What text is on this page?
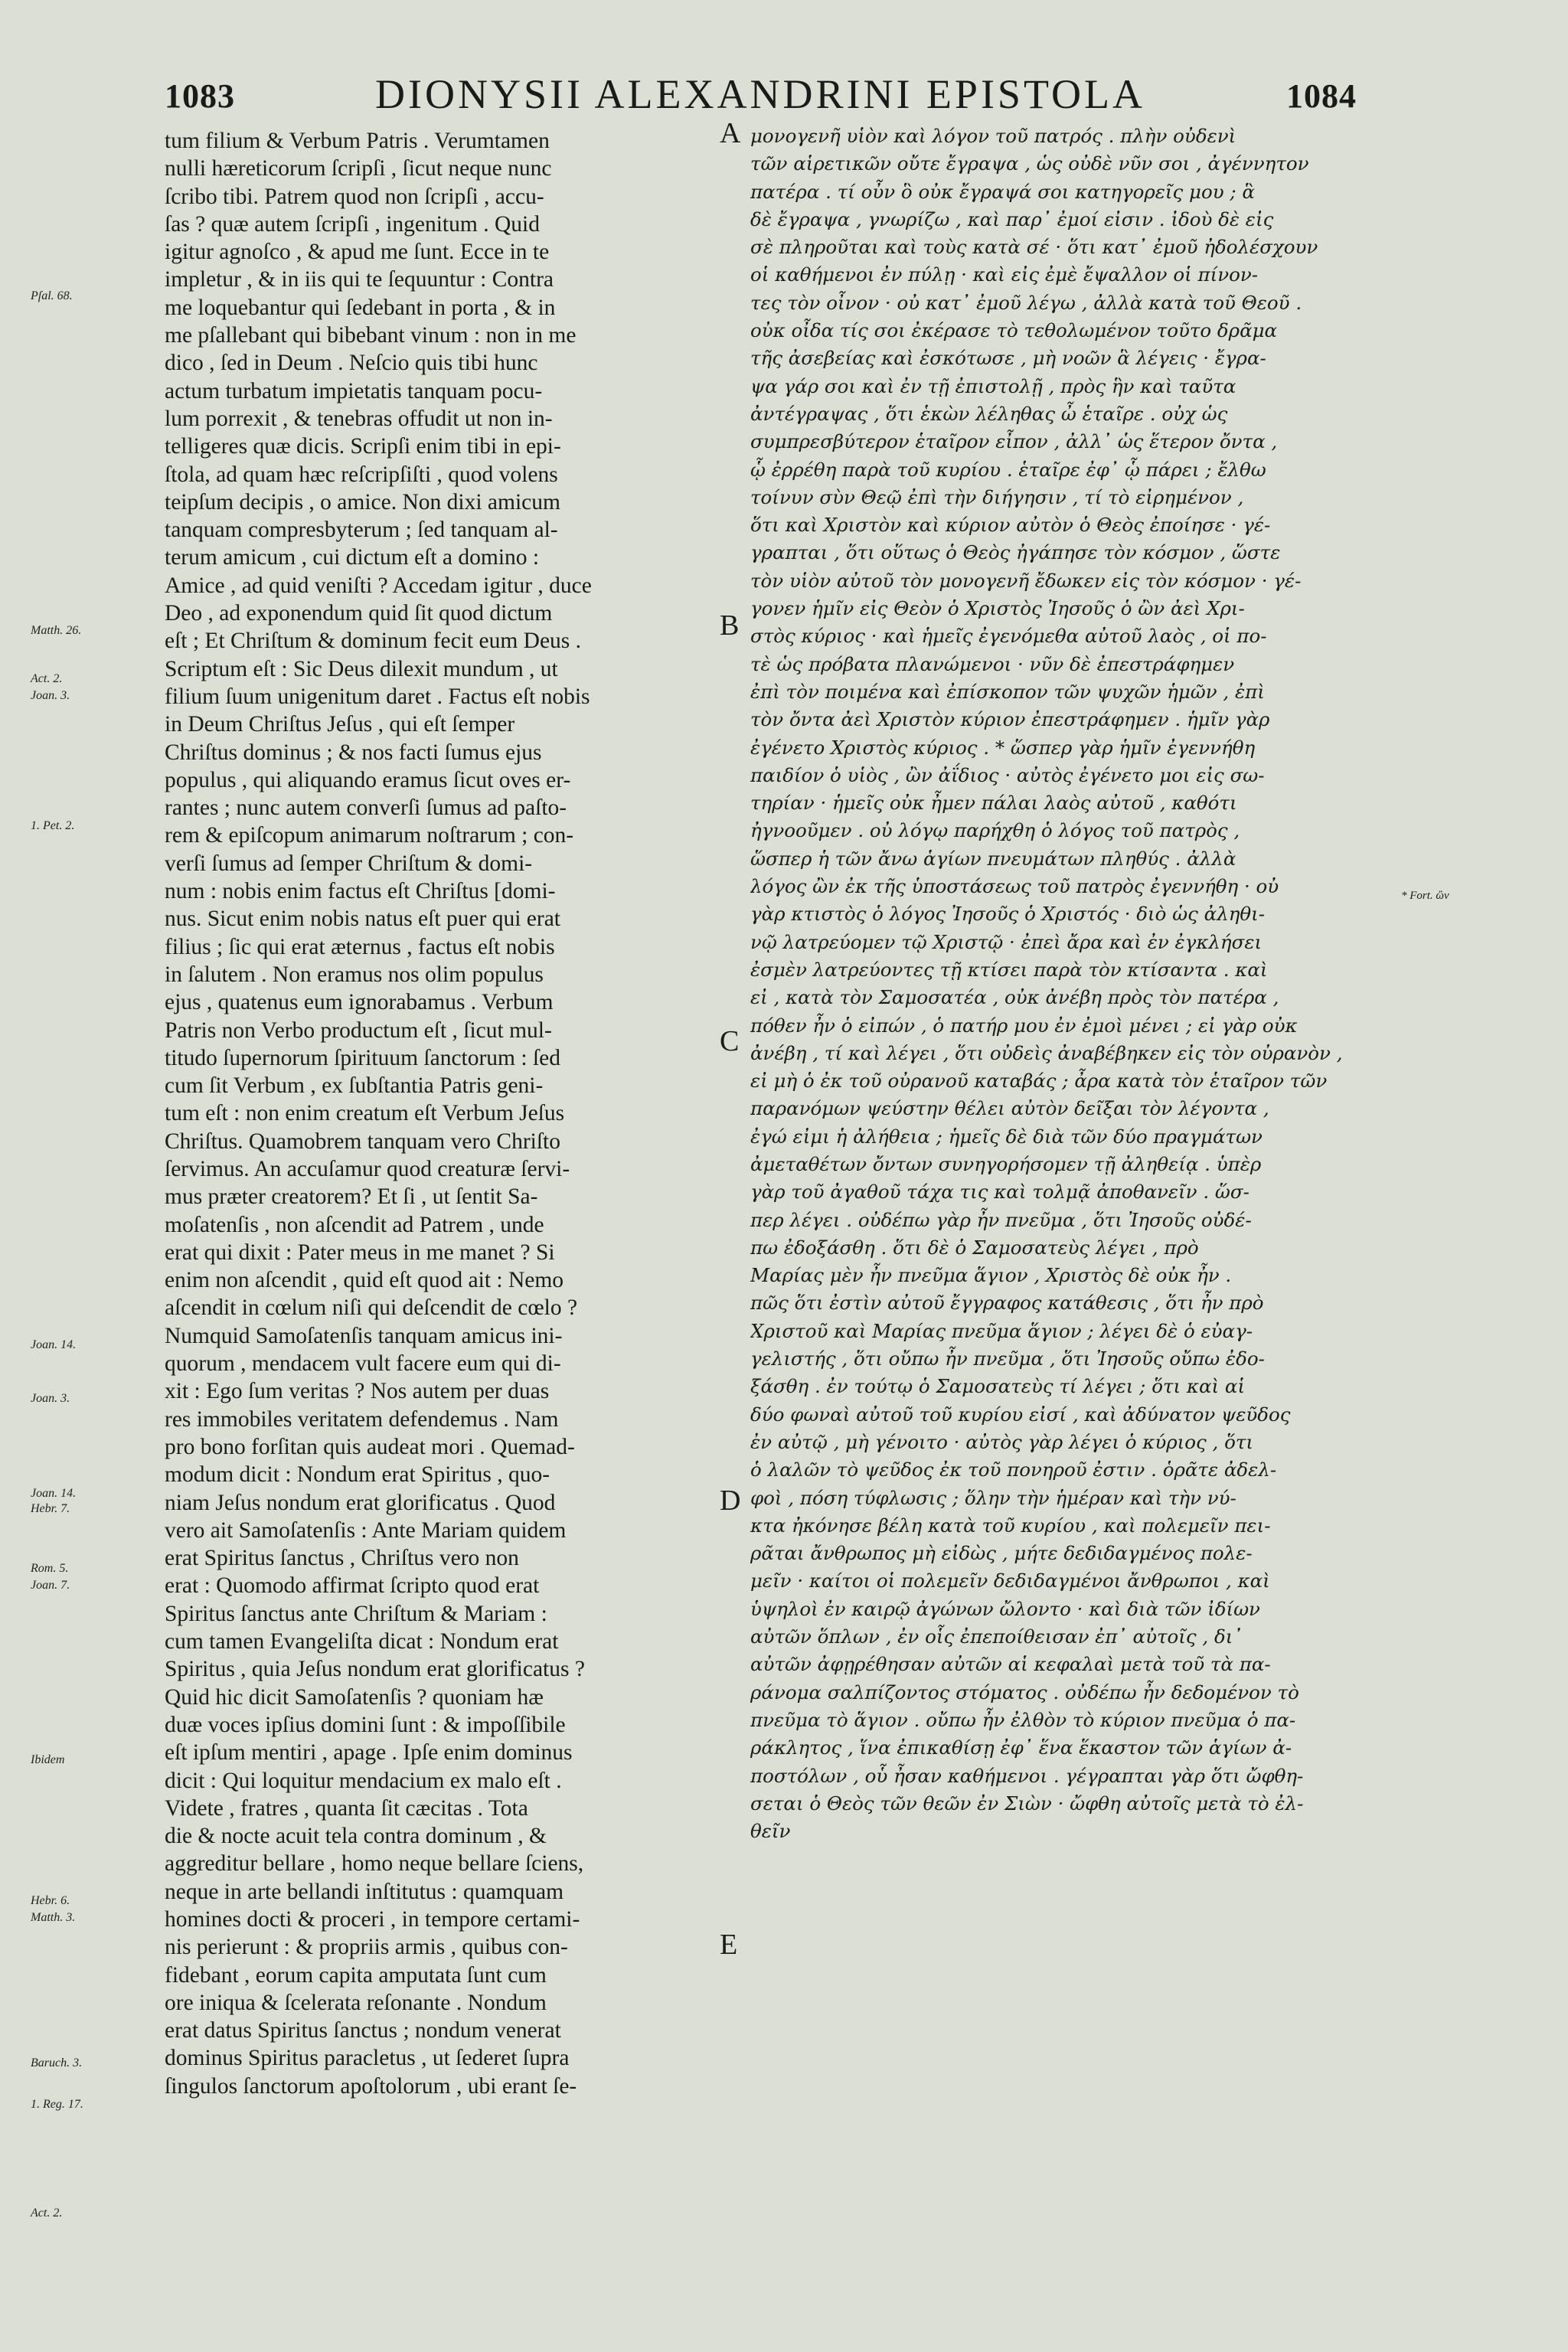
1083	DIONYSII ALEXANDRINI EPISTOLA	1084
Pſal. 68.
Matth. 26.
Act. 2.
Joan. 3.
1. Pet. 2.
Joan. 14.
Joan. 3.
Joan. 14.
Hebr. 7.
Rom. 5.
Joan. 7.
Ibidem
Hebr. 6.
Matth. 3.
Baruch. 3.
1. Reg. 17.
Act. 2.
A
B
C
D
E
tum filium & Verbum Patris . Verumtamen
nulli hæreticorum ſcripſi , ſicut neque nunc
ſcribo tibi. Patrem quod non ſcripſi , accu-
ſas ? quæ autem ſcripſi , ingenitum . Quid
igitur agnoſco , & apud me ſunt. Ecce in te
impletur , & in iis qui te ſequuntur : Contra
me loquebantur qui ſedebant in porta , & in
me pſallebant qui bibebant vinum : non in me
dico , ſed in Deum . Neſcio quis tibi hunc
actum turbatum impietatis tanquam pocu-
lum porrexit , & tenebras offudit ut non in-
telligeres quæ dicis. Scripſi enim tibi in epi-
ſtola, ad quam hæc reſcripſiſti , quod volens
teipſum decipis , o amice. Non dixi amicum
tanquam compresbyterum ; ſed tanquam al-
terum amicum , cui dictum eſt a domino :
Amice , ad quid veniſti ? Accedam igitur , duce
Deo , ad exponendum quid ſit quod dictum
eſt ; Et Chriſtum & dominum fecit eum Deus .
Scriptum eſt : Sic Deus dilexit mundum , ut
filium ſuum unigenitum daret . Factus eſt nobis
in Deum Chriſtus Jeſus , qui eſt ſemper
Chriſtus dominus ; & nos facti ſumus ejus
populus , qui aliquando eramus ſicut oves er-
rantes ; nunc autem converſi ſumus ad paſto-
rem & epiſcopum animarum noſtrarum ; con-
verſi ſumus ad ſemper Chriſtum & domi-
num : nobis enim factus eſt Chriſtus [domi-
nus. Sicut enim nobis natus eſt puer qui erat
filius ; ſic qui erat æternus , factus eſt nobis
in ſalutem . Non eramus nos olim populus
ejus , quatenus eum ignorabamus . Verbum
Patris non Verbo productum eſt , ſicut mul-
titudo ſupernorum ſpirituum ſanctorum : ſed
cum ſit Verbum , ex ſubſtantia Patris geni-
tum eſt : non enim creatum eſt Verbum Jeſus
Chriſtus. Quamobrem tanquam vero Chriſto
ſervimus. An accuſamur quod creaturæ ſervi-
mus præter creatorem? Et ſi , ut ſentit Sa-
moſatenſis , non aſcendit ad Patrem , unde
erat qui dixit : Pater meus in me manet ? Si
enim non aſcendit , quid eſt quod ait : Nemo
aſcendit in cœlum niſi qui deſcendit de cœlo ?
Numquid Samoſatenſis tanquam amicus ini-
quorum , mendacem vult facere eum qui di-
xit : Ego ſum veritas ? Nos autem per duas
res immobiles veritatem defendemus . Nam
pro bono forſitan quis audeat mori . Quemad-
modum dicit : Nondum erat Spiritus , quo-
niam Jeſus nondum erat glorificatus . Quod
vero ait Samoſatenſis : Ante Mariam quidem
erat Spiritus ſanctus , Chriſtus vero non
erat : Quomodo affirmat ſcripto quod erat
Spiritus ſanctus ante Chriſtum & Mariam :
cum tamen Evangeliſta dicat : Nondum erat
Spiritus , quia Jeſus nondum erat glorificatus ?
Quid hic dicit Samoſatenſis ? quoniam hæ
duæ voces ipſius domini ſunt : & impoſſibile
eſt ipſum mentiri , apage . Ipſe enim dominus
dicit : Qui loquitur mendacium ex malo eſt .
Videte , fratres , quanta ſit cæcitas . Tota
die & nocte acuit tela contra dominum , &
aggreditur bellare , homo neque bellare ſciens,
neque in arte bellandi inſtitutus : quamquam
homines docti & proceri , in tempore certami-
nis perierunt : & propriis armis , quibus con-
fidebant , eorum capita amputata ſunt cum
ore iniqua & ſcelerata reſonante . Nondum
erat datus Spiritus ſanctus ; nondum venerat
dominus Spiritus paracletus , ut ſederet ſupra
ſingulos ſanctorum apoſtolorum , ubi erant ſe-
μονογενῆ υἱὸν καὶ λόγον τοῦ πατρός . πλὴν οὐδενὶ
τῶν αἱρετικῶν οὔτε ἔγραψα , ὡς οὐδὲ νῦν σοι , ἀγέννητον
πατέρα . τί οὖν ὃ οὐκ ἔγραψά σοι κατηγορεῖς μου ; ἃ
δὲ ἔγραψα , γνωρίζω , καὶ παρ᾽ ἐμοί εἰσιν . ἰδοὺ δὲ εἰς
σὲ πληροῦται καὶ τοὺς κατὰ σέ · ὅτι κατ᾽ ἐμοῦ ἠδολέσχουν
οἱ καθήμενοι ἐν πύλῃ · καὶ εἰς ἐμὲ ἔψαλλον οἱ πίνον-
τες τὸν οἶνον · οὐ κατ᾽ ἐμοῦ λέγω , ἀλλὰ κατὰ τοῦ Θεοῦ .
οὐκ οἶδα τίς σοι ἐκέρασε τὸ τεθολωμένον τοῦτο δρᾶμα
τῆς ἀσεβείας καὶ ἐσκότωσε , μὴ νοῶν ἃ λέγεις · ἔγρα-
ψα γάρ σοι καὶ ἐν τῇ ἐπιστολῇ , πρὸς ἣν καὶ ταῦτα
ἀντέγραψας , ὅτι ἑκὼν λέληθας ὦ ἑταῖρε . οὐχ ὡς
συμπρεσβύτερον ἑταῖρον εἶπον , ἀλλ᾽ ὡς ἕτερον ὄντα ,
ᾧ ἐρρέθη παρὰ τοῦ κυρίου . ἑταῖρε ἐφ᾽ ᾧ πάρει ; ἔλθω
τοίνυν σὺν Θεῷ ἐπὶ τὴν διήγησιν , τί τὸ εἰρημένον ,
ὅτι καὶ Χριστὸν καὶ κύριον αὐτὸν ὁ Θεὸς ἐποίησε · γέ-
γραπται , ὅτι οὕτως ὁ Θεὸς ἠγάπησε τὸν κόσμον , ὥστε
τὸν υἱὸν αὐτοῦ τὸν μονογενῆ ἔδωκεν εἰς τὸν κόσμον · γέ-
γονεν ἡμῖν εἰς Θεὸν ὁ Χριστὸς Ἰησοῦς ὁ ὢν ἀεὶ Χρι-
στὸς κύριος · καὶ ἡμεῖς ἐγενόμεθα αὐτοῦ λαὸς , οἱ πο-
τὲ ὡς πρόβατα πλανώμενοι · νῦν δὲ ἐπεστράφημεν
ἐπὶ τὸν ποιμένα καὶ ἐπίσκοπον τῶν ψυχῶν ἡμῶν , ἐπὶ
τὸν ὄντα ἀεὶ Χριστὸν κύριον ἐπεστράφημεν . ἡμῖν γὰρ
ἐγένετο Χριστὸς κύριος . * ὥσπερ γὰρ ἡμῖν ἐγεννήθη
παιδίον ὁ υἱὸς , ὢν ἀΐδιος · αὐτὸς ἐγένετο μοι εἰς σω-
τηρίαν · ἡμεῖς οὐκ ἦμεν πάλαι λαὸς αὐτοῦ , καθότι
ἠγνοοῦμεν . οὐ λόγῳ παρήχθη ὁ λόγος τοῦ πατρὸς ,
ὥσπερ ἡ τῶν ἄνω ἁγίων πνευμάτων πληθύς . ἀλλὰ
λόγος ὢν ἐκ τῆς ὑποστάσεως τοῦ πατρὸς ἐγεννήθη · οὐ
γὰρ κτιστὸς ὁ λόγος Ἰησοῦς ὁ Χριστός · διὸ ὡς ἀληθι-
νῷ λατρεύομεν τῷ Χριστῷ · ἐπεὶ ἄρα καὶ ἐν ἐγκλήσει
ἐσμὲν λατρεύοντες τῇ κτίσει παρὰ τὸν κτίσαντα . καὶ
εἰ , κατὰ τὸν Σαμοσατέα , οὐκ ἀνέβη πρὸς τὸν πατέρα ,
πόθεν ἦν ὁ εἰπών , ὁ πατήρ μου ἐν ἐμοὶ μένει ; εἰ γὰρ οὐκ
ἀνέβη , τί καὶ λέγει , ὅτι οὐδεὶς ἀναβέβηκεν εἰς τὸν οὐρανὸν ,
εἰ μὴ ὁ ἐκ τοῦ οὐρανοῦ καταβάς ; ἆρα κατὰ τὸν ἑταῖρον τῶν
παρανόμων ψεύστην θέλει αὐτὸν δεῖξαι τὸν λέγοντα ,
ἐγώ εἰμι ἡ ἀλήθεια ; ἡμεῖς δὲ διὰ τῶν δύο πραγμάτων
ἀμεταθέτων ὄντων συνηγορήσομεν τῇ ἀληθείᾳ . ὑπὲρ
γὰρ τοῦ ἀγαθοῦ τάχα τις καὶ τολμᾷ ἀποθανεῖν . ὥσ-
περ λέγει . οὐδέπω γὰρ ἦν πνεῦμα , ὅτι Ἰησοῦς οὐδέ-
πω ἐδοξάσθη . ὅτι δὲ ὁ Σαμοσατεὺς λέγει , πρὸ
Μαρίας μὲν ἦν πνεῦμα ἅγιον , Χριστὸς δὲ οὐκ ἦν .
πῶς ὅτι ἐστὶν αὐτοῦ ἔγγραφος κατάθεσις , ὅτι ἦν πρὸ
Χριστοῦ καὶ Μαρίας πνεῦμα ἅγιον ; λέγει δὲ ὁ εὐαγ-
γελιστής , ὅτι οὔπω ἦν πνεῦμα , ὅτι Ἰησοῦς οὔπω ἐδο-
ξάσθη . ἐν τούτῳ ὁ Σαμοσατεὺς τί λέγει ; ὅτι καὶ αἱ
δύο φωναὶ αὐτοῦ τοῦ κυρίου εἰσί , καὶ ἀδύνατον ψεῦδος
ἐν αὐτῷ , μὴ γένοιτο · αὐτὸς γὰρ λέγει ὁ κύριος , ὅτι
ὁ λαλῶν τὸ ψεῦδος ἐκ τοῦ πονηροῦ ἐστιν . ὁρᾶτε ἀδελ-
φοὶ , πόση τύφλωσις ; ὅλην τὴν ἡμέραν καὶ τὴν νύ-
κτα ἠκόνησε βέλη κατὰ τοῦ κυρίου , καὶ πολεμεῖν πει-
ρᾶται ἄνθρωπος μὴ εἰδὼς , μήτε δεδιδαγμένος πολε-
μεῖν · καίτοι οἱ πολεμεῖν δεδιδαγμένοι ἄνθρωποι , καὶ
ὑψηλοὶ ἐν καιρῷ ἀγώνων ὤλοντο · καὶ διὰ τῶν ἰδίων
αὐτῶν ὅπλων , ἐν οἷς ἐπεποίθεισαν ἐπ᾽ αὐτοῖς , δι᾽
αὐτῶν ἀφῃρέθησαν αὐτῶν αἱ κεφαλαὶ μετὰ τοῦ τὰ πα-
ράνομα σαλπίζοντος στόματος . οὐδέπω ἦν δεδομένον τὸ
πνεῦμα τὸ ἅγιον . οὔπω ἦν ἐλθὸν τὸ κύριον πνεῦμα ὁ πα-
ράκλητος , ἵνα ἐπικαθίσῃ ἐφ᾽ ἕνα ἕκαστον τῶν ἁγίων ἀ-
ποστόλων , οὗ ἦσαν καθήμενοι . γέγραπται γὰρ ὅτι ὤφθη-
σεται ὁ Θεὸς τῶν θεῶν ἐν Σιὼν · ὤφθη αὐτοῖς μετὰ τὸ ἐλ-
θεῖν
* Fort. ὢν
